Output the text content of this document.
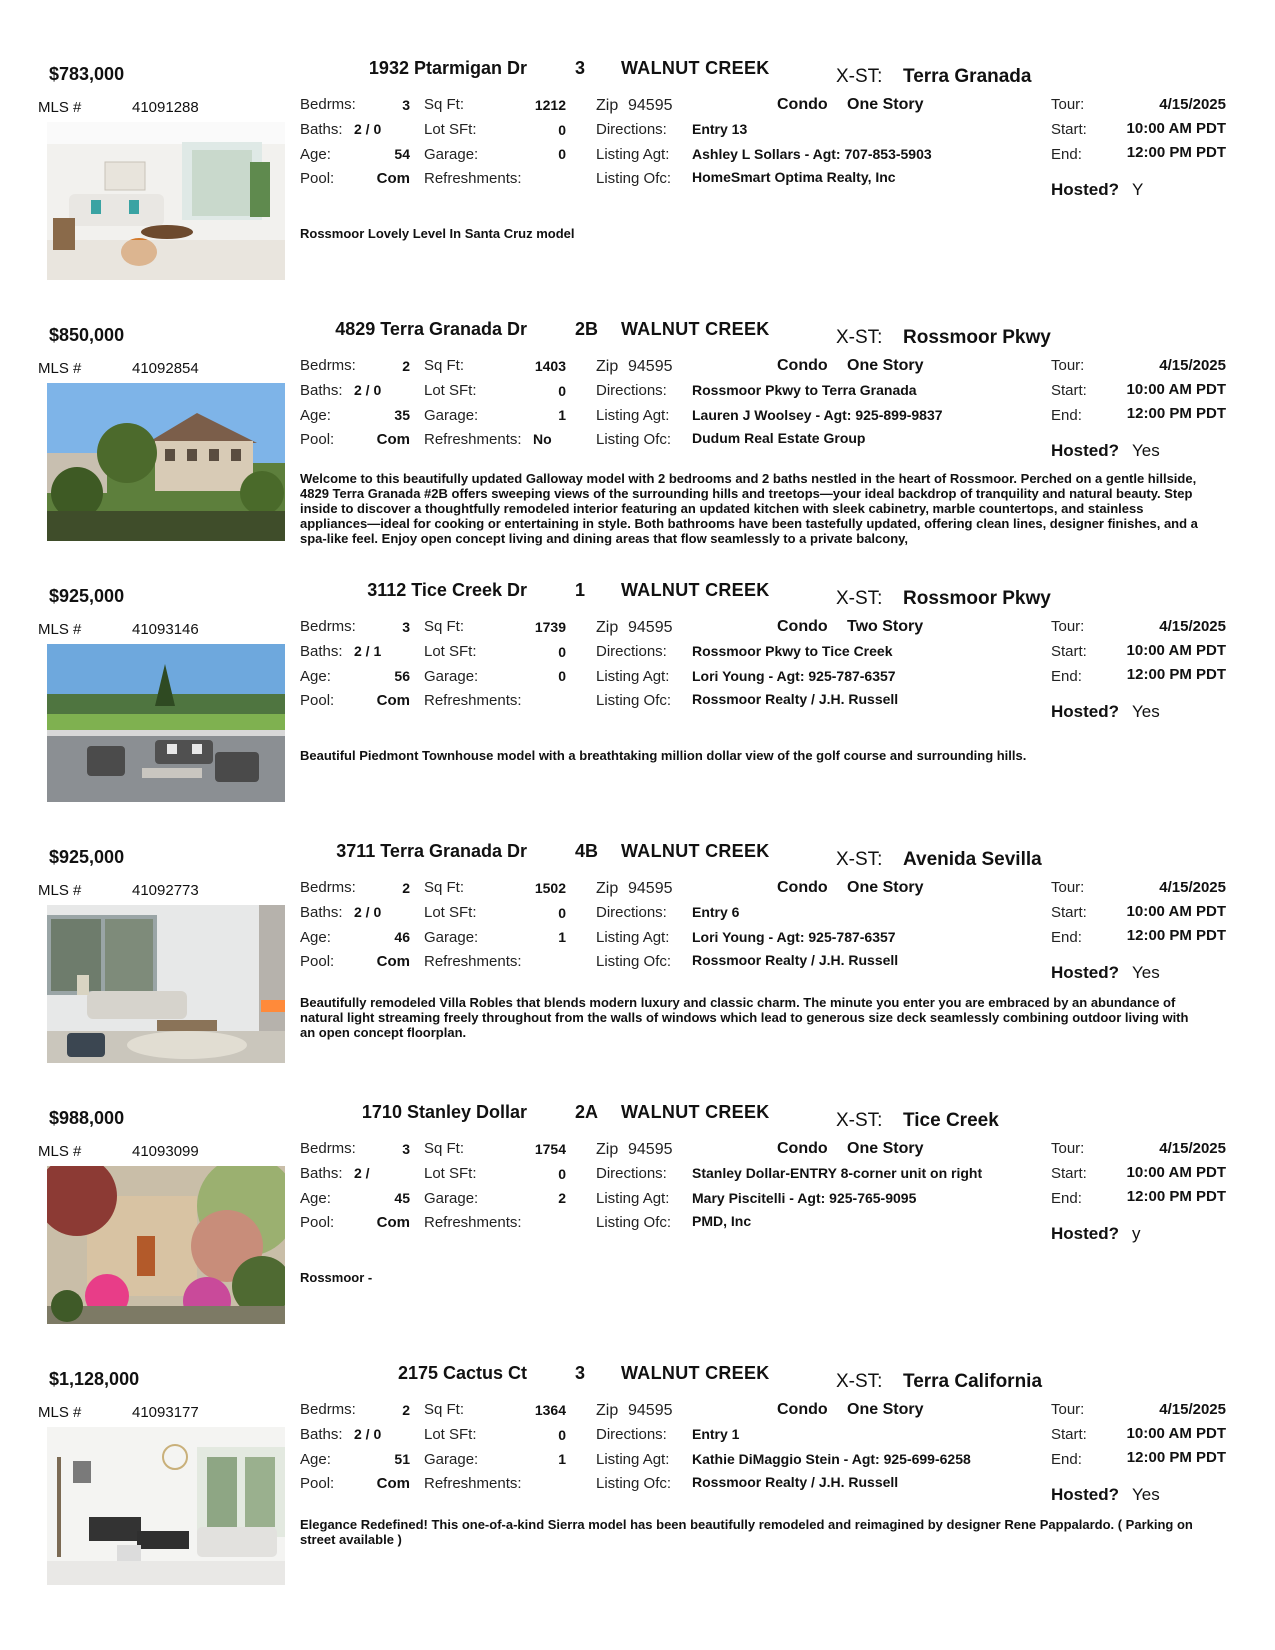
$783,000	1932 Ptarmigan Dr	3 WALNUT CREEK	X-ST: Terra Granada
MLS #	41091288	Bedrms:	3
Baths: 2 / 0
Age:	54
Pool:	Com
Sq Ft:	1212
Lot SFt:	0
Garage:	0
Refreshments:
Zip 94595	Condo One Story
Directions: Entry 13
Listing Agt: Ashley L Sollars - Agt: 707-853-5903
Listing Ofc: HomeSmart Optima Realty, Inc
Tour:	4/15/2025
Start:	10:00 AM PDT
End:	12:00 PM PDT
Hosted? Y
Rossmoor Lovely Level In Santa Cruz model
$850,000	4829 Terra Granada Dr	2B WALNUT CREEK	X-ST: Rossmoor Pkwy
MLS #	41092854	Bedrms:	2
Baths: 2 / 0
Age:	35
Pool:	Com
Sq Ft:	1403
Lot SFt:	0
Garage:	1
Refreshments: No
Zip 94595	Condo One Story
Directions: Rossmoor Pkwy to Terra Granada
Listing Agt: Lauren J Woolsey - Agt: 925-899-9837
Listing Ofc: Dudum Real Estate Group
Tour:	4/15/2025
Start:	10:00 AM PDT
End:	12:00 PM PDT
Hosted? Yes
Welcome to this beautifully updated Galloway model with 2 bedrooms and 2 baths nestled in the heart of Rossmoor. Perched on a gentle hillside, 4829 Terra Granada #2B offers sweeping views of the surrounding hills and treetops—your ideal backdrop of tranquility and natural beauty. Step inside to discover a thoughtfully remodeled interior featuring an updated kitchen with sleek cabinetry, marble countertops, and stainless appliances—ideal for cooking or entertaining in style. Both bathrooms have been tastefully updated, offering clean lines, designer finishes, and a spa-like feel. Enjoy open concept living and dining areas that flow seamlessly to a private balcony,
$925,000	3112 Tice Creek Dr	1 WALNUT CREEK	X-ST: Rossmoor Pkwy
MLS #	41093146	Bedrms:	3
Baths: 2 / 1
Age:	56
Pool:	Com
Sq Ft:	1739
Lot SFt:	0
Garage:	0
Refreshments:
Zip 94595	Condo Two Story
Directions: Rossmoor Pkwy to Tice Creek
Listing Agt: Lori Young - Agt: 925-787-6357
Listing Ofc: Rossmoor Realty / J.H. Russell
Tour:	4/15/2025
Start:	10:00 AM PDT
End:	12:00 PM PDT
Hosted? Yes
Beautiful Piedmont Townhouse model with a breathtaking million dollar view of the golf course and surrounding hills.
$925,000	3711 Terra Granada Dr	4B WALNUT CREEK	X-ST: Avenida Sevilla
MLS #	41092773	Bedrms:	2
Baths: 2 / 0
Age:	46
Pool:	Com
Sq Ft:	1502
Lot SFt:	0
Garage:	1
Refreshments:
Zip 94595	Condo One Story
Directions: Entry 6
Listing Agt: Lori Young - Agt: 925-787-6357
Listing Ofc: Rossmoor Realty / J.H. Russell
Tour:	4/15/2025
Start:	10:00 AM PDT
End:	12:00 PM PDT
Hosted? Yes
Beautifully remodeled Villa Robles that blends modern luxury and classic charm. The minute you enter you are embraced by an abundance of natural light streaming freely throughout from the walls of windows which lead to generous size deck seamlessly combining outdoor living with an open concept floorplan.
$988,000	1710 Stanley Dollar	2A WALNUT CREEK	X-ST: Tice Creek
MLS #	41093099	Bedrms:	3
Baths: 2 /
Age:	45
Pool:	Com
Sq Ft:	1754
Lot SFt:	0
Garage:	2
Refreshments:
Zip 94595	Condo One Story
Directions: Stanley Dollar-ENTRY 8-corner unit on right
Listing Agt: Mary Piscitelli - Agt: 925-765-9095
Listing Ofc: PMD, Inc
Tour:	4/15/2025
Start:	10:00 AM PDT
End:	12:00 PM PDT
Hosted? y
Rossmoor -
$1,128,000	2175 Cactus Ct	3 WALNUT CREEK	X-ST: Terra California
MLS #	41093177	Bedrms:	2
Baths: 2 / 0
Age:	51
Pool:	Com
Sq Ft:	1364
Lot SFt:	0
Garage:	1
Refreshments:
Zip 94595	Condo One Story
Directions: Entry 1
Listing Agt: Kathie DiMaggio Stein - Agt: 925-699-6258
Listing Ofc: Rossmoor Realty / J.H. Russell
Tour:	4/15/2025
Start:	10:00 AM PDT
End:	12:00 PM PDT
Hosted? Yes
Elegance Redefined! This one-of-a-kind Sierra model has been beautifully remodeled and reimagined by designer Rene Pappalardo. ( Parking on street available )
